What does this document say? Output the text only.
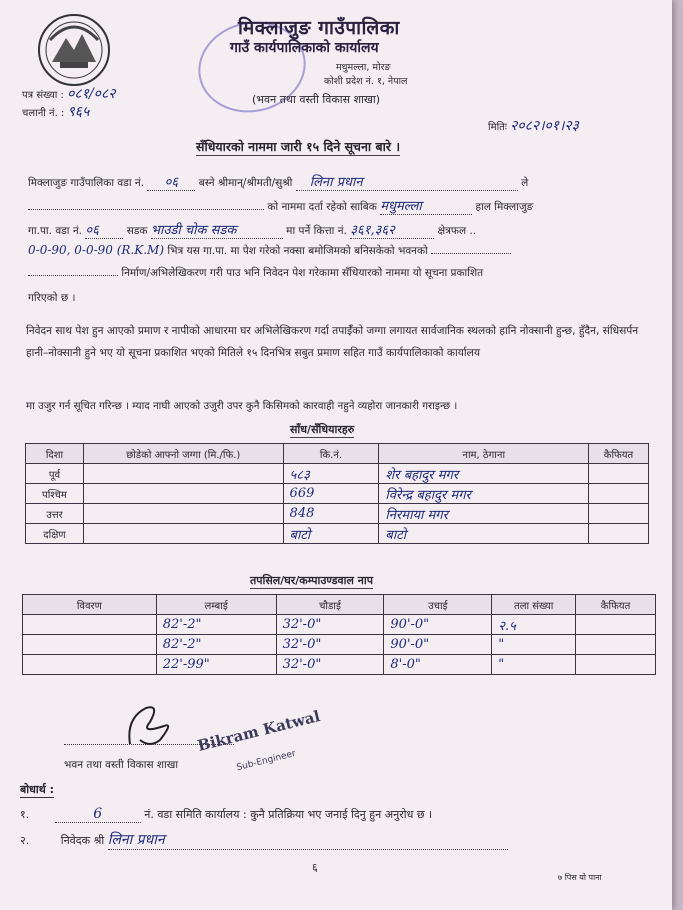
मिक्लाजुङ गाउँपालिका
गाउँ कार्यपालिकाको कार्यालय
मधुमल्ला, मोरङ
कोशी प्रदेश नं. १, नेपाल
(भवन तथा वस्ती विकास शाखा)
पत्र संख्या : ०८१/०८२
चलानी नं. : ९६५
मितिः २०८२।०१।२३
सँधियारको नाममा जारी १५ दिने सूचना बारे ।
मिक्लाजुङ गाउँपालिका वडा नं. ०६ बस्ने श्रीमान्/श्रीमती/सुश्री लिना प्रधान	ले
को नाममा दर्ता रहेको साबिक मधुमल्ला	हाल मिक्लाजुङ
गा.पा. वडा नं. ०६	सडक भाउडी चोक सडक	मा पर्ने कित्ता नं. ३६१,३६२	क्षेत्रफल ..
0-0-90, 0-0-90 (R.K.M) भित्र यस गा.पा. मा पेश गरेको नक्सा बमोजिमको बनिसकेको भवनको
निर्माण/अभिलेखिकरण गरी पाउ भनि निवेदन पेश गरेकामा सँधियारको नाममा यो सूचना प्रकाशित
गरिएको छ ।
निवेदन साथ पेश हुन आएको प्रमाण र नापीको आधारमा घर अभिलेखिकरण गर्दा तपाईँको जग्गा लगायत सार्वजानिक स्थलको हानि नोक्सानी हुन्छ, हुँदैन, संधिसर्पन हानी–नोक्सानी हुने भए यो सूचना प्रकाशित भएको मितिले १५ दिनभित्र सबुत प्रमाण सहित गाउँ कार्यपालिकाको कार्यालय
मा उजुर गर्न सूचित गरिन्छ । म्याद नाघी आएको उजुरी उपर कुनै किसिमको कारवाही नहुने व्यहोरा जानकारी गराइन्छ ।
साँध/सँधियारहरु
दिशा	छोडेको आफ्नो जग्गा (मि./फि.)	कि.नं.	नाम, ठेगाना	कैफियत
पूर्व		५८३	शेर बहादुर मगर	
पश्चिम		669	विरेन्द्र बहादुर मगर	
उत्तर		848	निरमाया मगर	
दक्षिण		बाटो	बाटो	
तपसिल/घर/कम्पाउण्डवाल नाप
विवरण	लम्बाई	चौडाई	उचाई	तला संख्या	कैफियत
	82'-2"	32'-0"	90'-0"	२.५	
	82'-2"	32'-0"	90'-0"	"	
	22'-99"	32'-0"	8'-0"	"	
भवन तथा वस्ती विकास शाखा
Bikram Katwal
Sub-Engineer
बोधार्थ :
१.	6	नं. वडा समिति कार्यालय : कुनै प्रतिक्रिया भए जनाई दिनु हुन अनुरोध छ ।
२.	निवेदक श्री लिना प्रधान
६
७ पिस यो पाना
